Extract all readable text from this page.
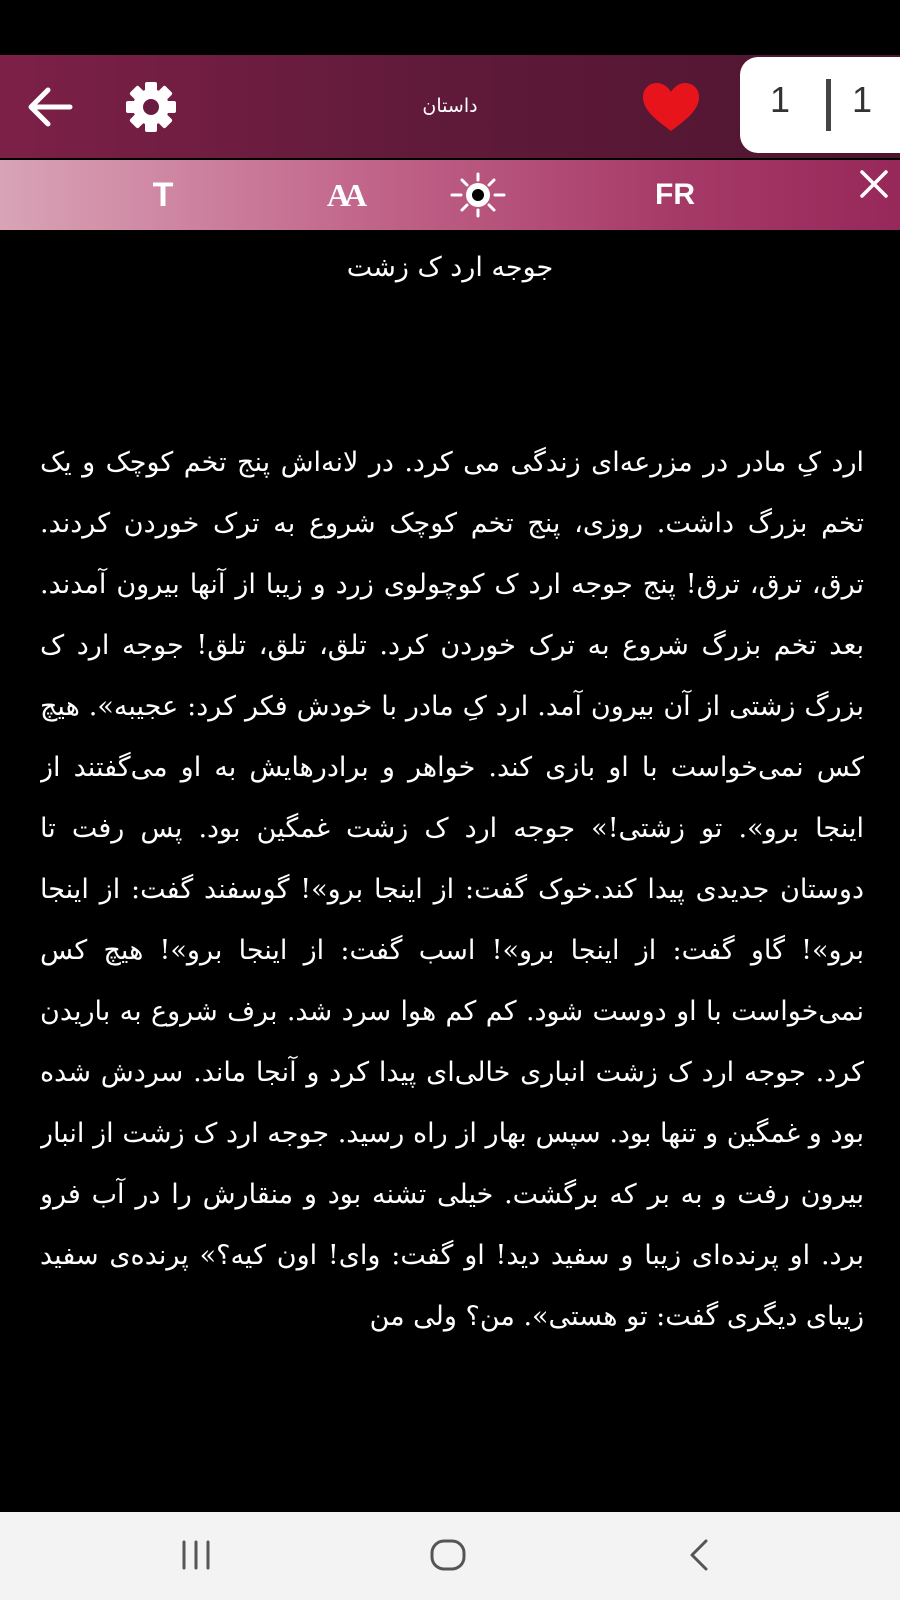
داستان	1 1
T	AA	FR
جوجه ارد ک زشت
ارد کِ مادر در مزرعه‌ای زندگی می کرد. در لانه‌اش پنج تخم کوچک و یک تخم بزرگ داشت. روزی، پنج تخم کوچک شروع به ترک خوردن کردند. ترق، ترق، ترق! پنج جوجه ارد ک کوچولوی زرد و زیبا از آنها بیرون آمدند. بعد تخم بزرگ شروع به ترک خوردن کرد. تلق، تلق، تلق! جوجه ارد ک بزرگ زشتی از آن بیرون آمد. ارد کِ مادر با خودش فکر کرد: عجیبه». هیچ کس نمی‌خواست با او بازی کند. خواهر و برادرهایش به او می‌گفتند از اینجا برو». تو زشتی!» جوجه ارد ک زشت غمگین بود. پس رفت تا دوستان جدیدی پیدا کند.خوک گفت: از اینجا برو»! گوسفند گفت: از اینجا برو»! گاو گفت: از اینجا برو»! اسب گفت: از اینجا برو»! هیچ کس نمی‌خواست با او دوست شود. کم کم هوا سرد شد. برف شروع به باریدن کرد. جوجه ارد ک زشت انباری خالی‌ای پیدا کرد و آنجا ماند. سردش شده بود و غمگین و تنها بود. سپس بهار از راه رسید. جوجه ارد ک زشت از انبار بیرون رفت و به بر که برگشت. خیلی تشنه بود و منقارش را در آب فرو برد. او پرنده‌ای زیبا و سفید دید! او گفت: وای! اون کیه؟» پرنده‌ی سفید زیبای دیگری گفت: تو هستی». من؟ ولی من
